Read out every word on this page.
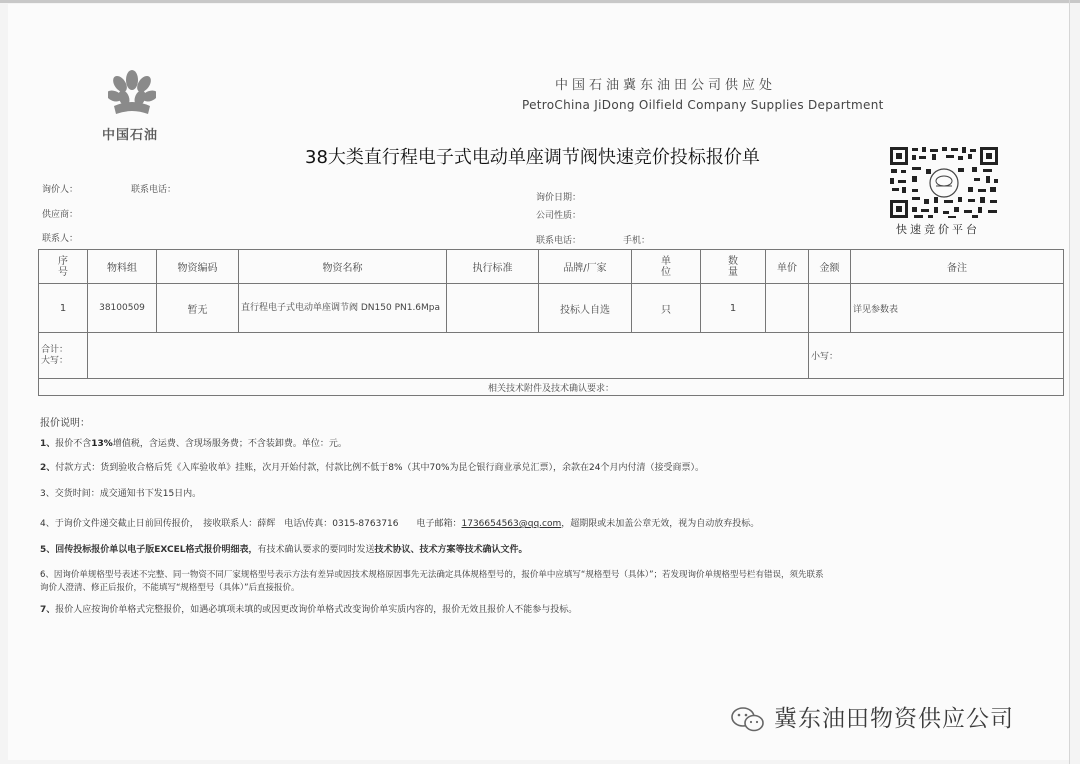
中国石油
中国石油冀东油田公司供应处
PetroChina JiDong Oilfield Company Supplies Department
38大类直行程电子式电动单座调节阀快速竞价投标报价单
快速竞价平台
询价人：	联系电话：
询价日期：
供应商：	公司性质：
联系人：	联系电话：	手机：
序号	物料组	物资编码	物资名称	执行标准	品牌/厂家	单位	数量	单价	金额	备注
1	38100509	暂无	直行程电子式电动单座调节阀 DN150 PN1.6Mpa		投标人自选	只	1			详见参数表

合计：
大写：									小写：	
相关技术附件及技术确认要求：										
报价说明：
1、报价不含13%增值税，含运费、含现场服务费；不含装卸费。单位：元。
2、付款方式：货到验收合格后凭《入库验收单》挂账，次月开始付款，付款比例不低于8%（其中70%为昆仑银行商业承兑汇票），余款在24个月内付清（接受商票）。
3、交货时间：成交通知书下发15日内。
4、于询价文件递交截止日前回传报价，　接收联系人：薛辉　电话\传真：0315-8763716　　电子邮箱：1736654563@qq.com，超期限或未加盖公章无效，视为自动放弃投标。
5、回传投标报价单以电子版EXCEL格式报价明细表，有技术确认要求的要同时发送技术协议、技术方案等技术确认文件。
6、因询价单规格型号表述不完整、同一物资不同厂家规格型号表示方法有差异或因技术规格原因事先无法确定具体规格型号的，报价单中应填写“规格型号（具体）”；若发现询价单规格型号栏有错误，须先联系
询价人澄清、修正后报价，不能填写“规格型号（具体）”后直接报价。
7、报价人应按询价单格式完整报价，如遇必填项未填的或因更改询价单格式改变询价单实质内容的，报价无效且报价人不能参与投标。
冀东油田物资供应公司
